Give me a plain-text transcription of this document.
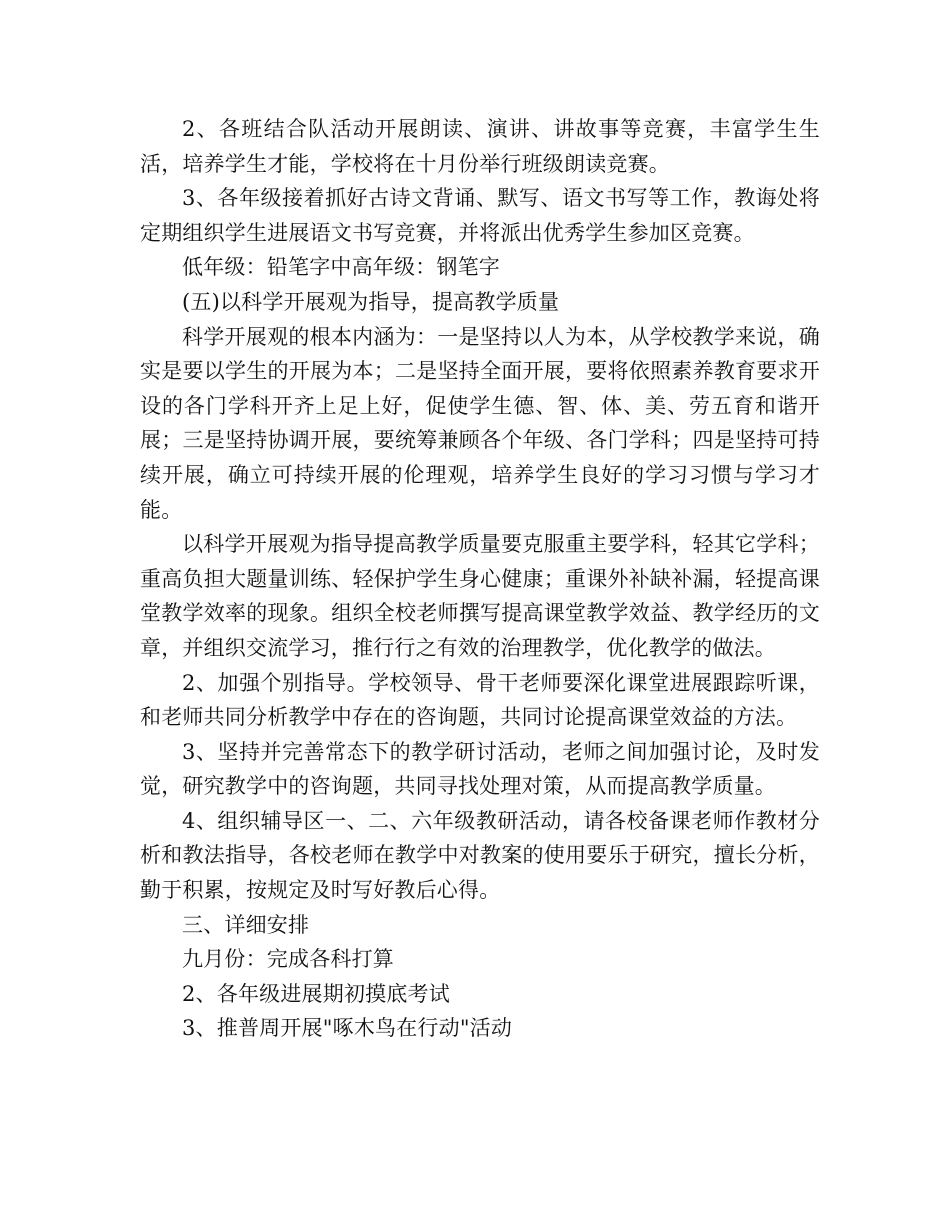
2、各班结合队活动开展朗读、演讲、讲故事等竞赛，丰富学生生活，培养学生才能，学校将在十月份举行班级朗读竞赛。

3、各年级接着抓好古诗文背诵、默写、语文书写等工作，教诲处将定期组织学生进展语文书写竞赛，并将派出优秀学生参加区竞赛。

低年级：铅笔字中高年级：钢笔字

(五)以科学开展观为指导，提高教学质量

科学开展观的根本内涵为：一是坚持以人为本，从学校教学来说，确实是要以学生的开展为本；二是坚持全面开展，要将依照素养教育要求开设的各门学科开齐上足上好，促使学生德、智、体、美、劳五育和谐开展；三是坚持协调开展，要统筹兼顾各个年级、各门学科；四是坚持可持续开展，确立可持续开展的伦理观，培养学生良好的学习习惯与学习才能。

以科学开展观为指导提高教学质量要克服重主要学科，轻其它学科；重高负担大题量训练、轻保护学生身心健康；重课外补缺补漏，轻提高课堂教学效率的现象。组织全校老师撰写提高课堂教学效益、教学经历的文章，并组织交流学习，推行行之有效的治理教学，优化教学的做法。

2、加强个别指导。学校领导、骨干老师要深化课堂进展跟踪听课，和老师共同分析教学中存在的咨询题，共同讨论提高课堂效益的方法。

3、坚持并完善常态下的教学研讨活动，老师之间加强讨论，及时发觉，研究教学中的咨询题，共同寻找处理对策，从而提高教学质量。

4、组织辅导区一、二、六年级教研活动，请各校备课老师作教材分析和教法指导，各校老师在教学中对教案的使用要乐于研究，擅长分析，勤于积累，按规定及时写好教后心得。

三、详细安排

九月份：完成各科打算

2、各年级进展期初摸底考试

3、推普周开展"啄木鸟在行动"活动
